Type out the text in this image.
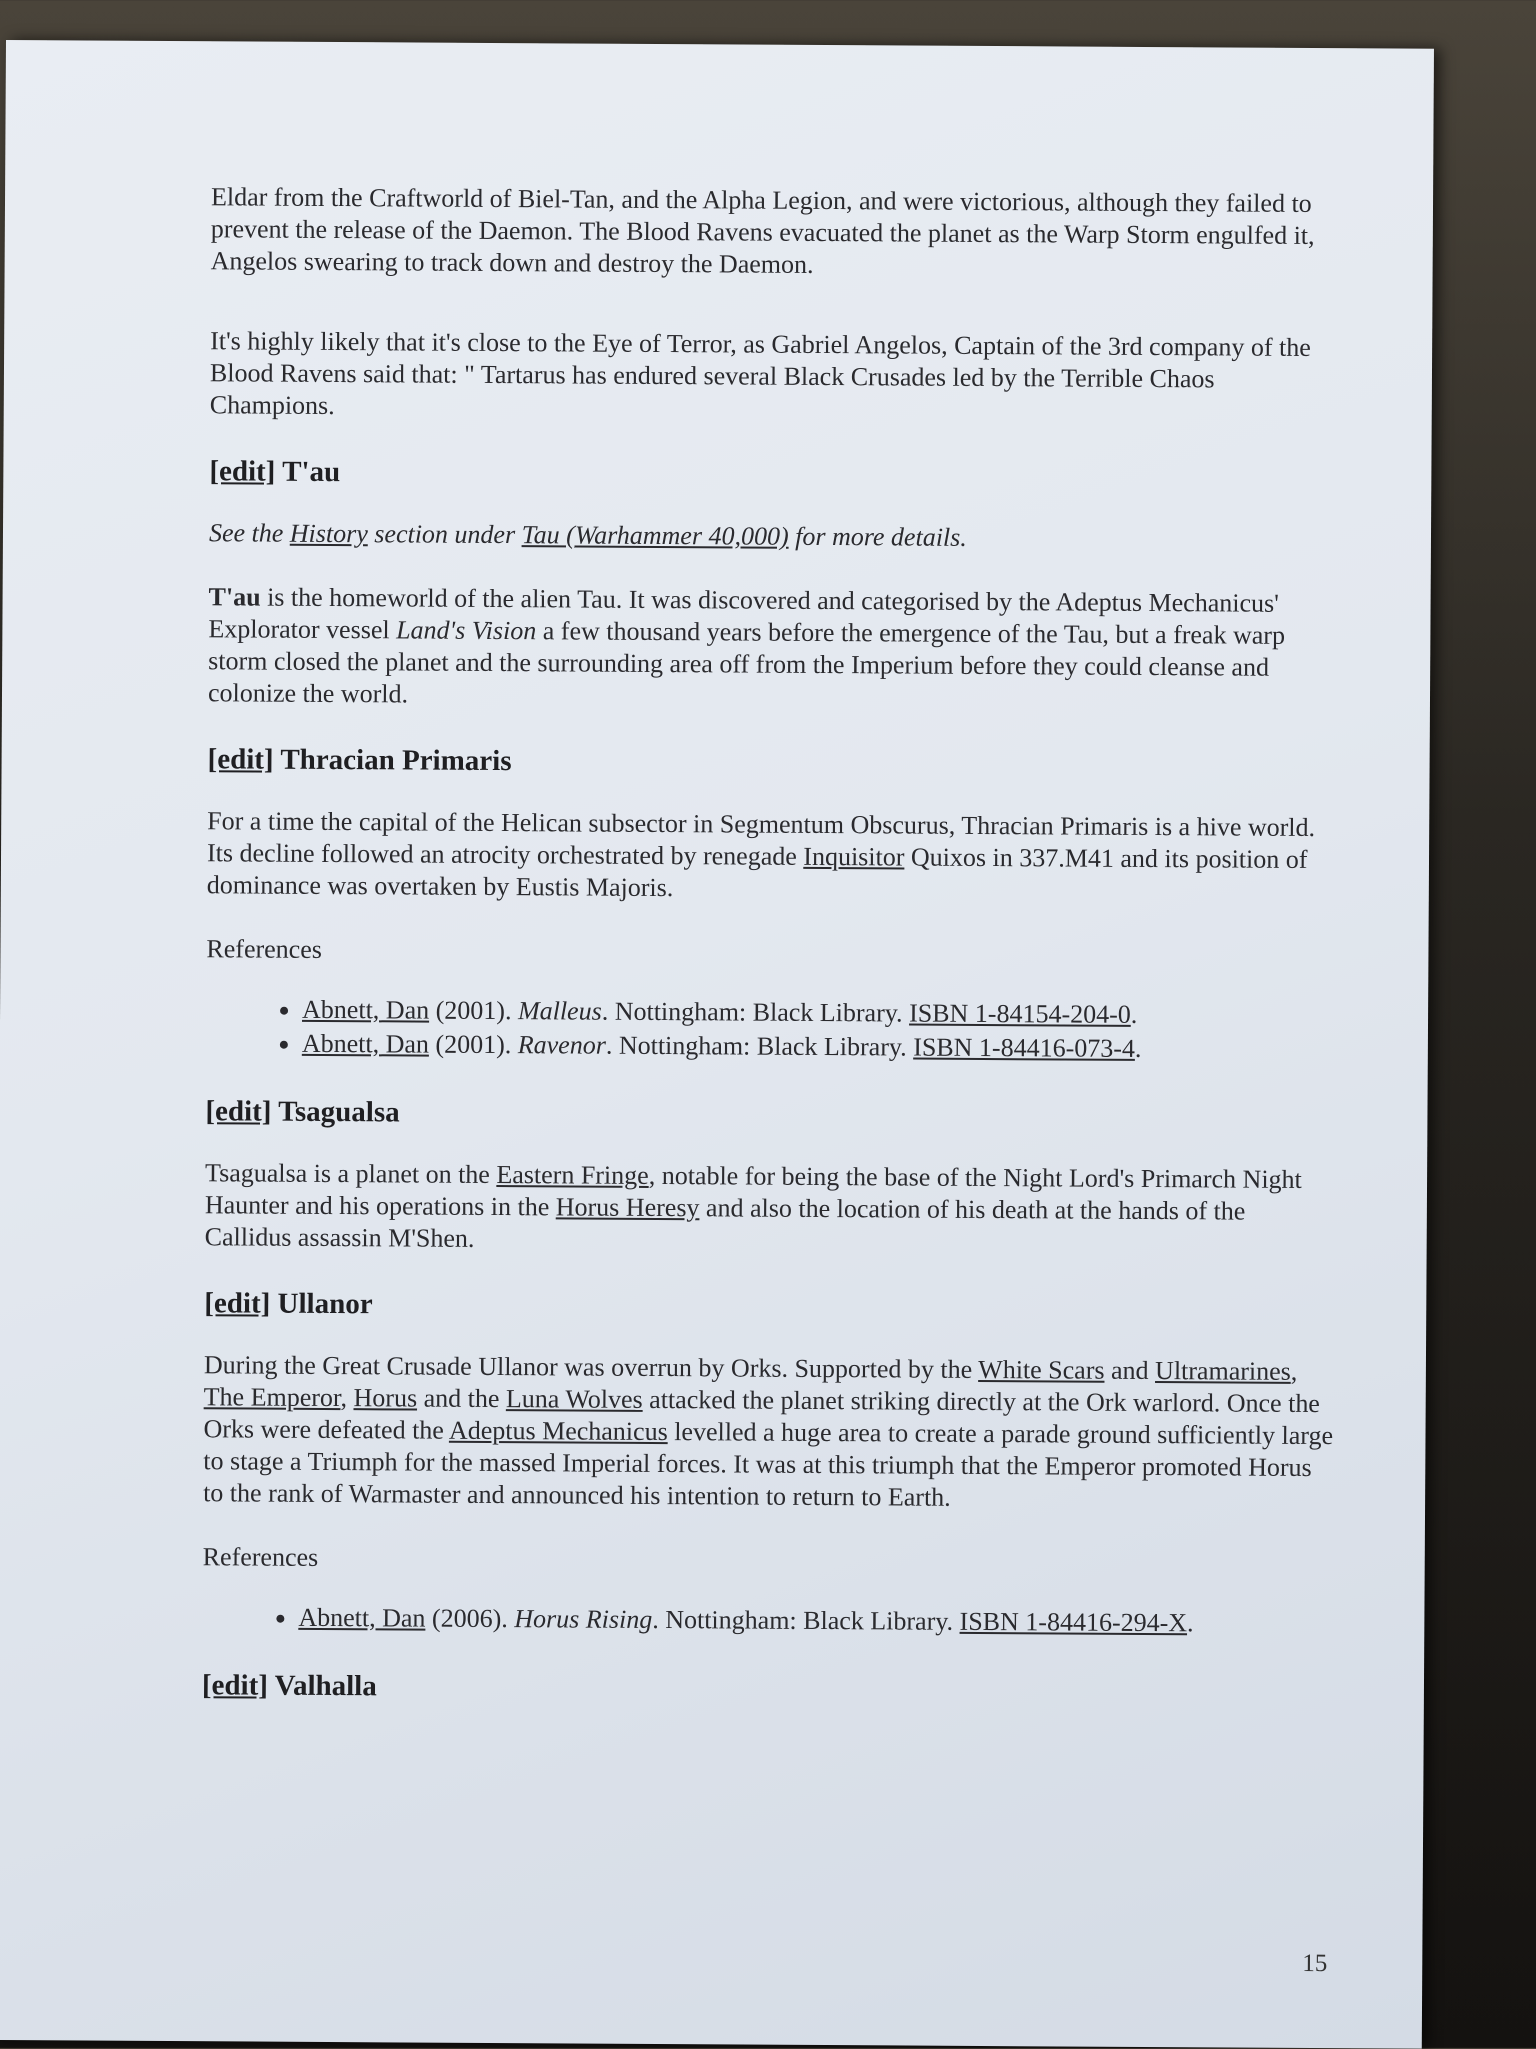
Eldar from the Craftworld of Biel-Tan, and the Alpha Legion, and were victorious, although they failed to prevent the release of the Daemon. The Blood Ravens evacuated the planet as the Warp Storm engulfed it, Angelos swearing to track down and destroy the Daemon.

It's highly likely that it's close to the Eye of Terror, as Gabriel Angelos, Captain of the 3rd company of the Blood Ravens said that: " Tartarus has endured several Black Crusades led by the Terrible Chaos Champions.

[edit] T'au

See the History section under Tau (Warhammer 40,000) for more details.

T'au is the homeworld of the alien Tau. It was discovered and categorised by the Adeptus Mechanicus' Explorator vessel Land's Vision a few thousand years before the emergence of the Tau, but a freak warp storm closed the planet and the surrounding area off from the Imperium before they could cleanse and colonize the world.

[edit] Thracian Primaris

For a time the capital of the Helican subsector in Segmentum Obscurus, Thracian Primaris is a hive world. Its decline followed an atrocity orchestrated by renegade Inquisitor Quixos in 337.M41 and its position of dominance was overtaken by Eustis Majoris.

References

• Abnett, Dan (2001). Malleus. Nottingham: Black Library. ISBN 1-84154-204-0.
• Abnett, Dan (2001). Ravenor. Nottingham: Black Library. ISBN 1-84416-073-4.
[edit] Tsagualsa

Tsagualsa is a planet on the Eastern Fringe, notable for being the base of the Night Lord's Primarch Night Haunter and his operations in the Horus Heresy and also the location of his death at the hands of the Callidus assassin M'Shen.

[edit] Ullanor

During the Great Crusade Ullanor was overrun by Orks. Supported by the White Scars and Ultramarines, The Emperor, Horus and the Luna Wolves attacked the planet striking directly at the Ork warlord. Once the Orks were defeated the Adeptus Mechanicus levelled a huge area to create a parade ground sufficiently large to stage a Triumph for the massed Imperial forces. It was at this triumph that the Emperor promoted Horus to the rank of Warmaster and announced his intention to return to Earth.

References

• Abnett, Dan (2006). Horus Rising. Nottingham: Black Library. ISBN 1-84416-294-X.
[edit] Valhalla
15
